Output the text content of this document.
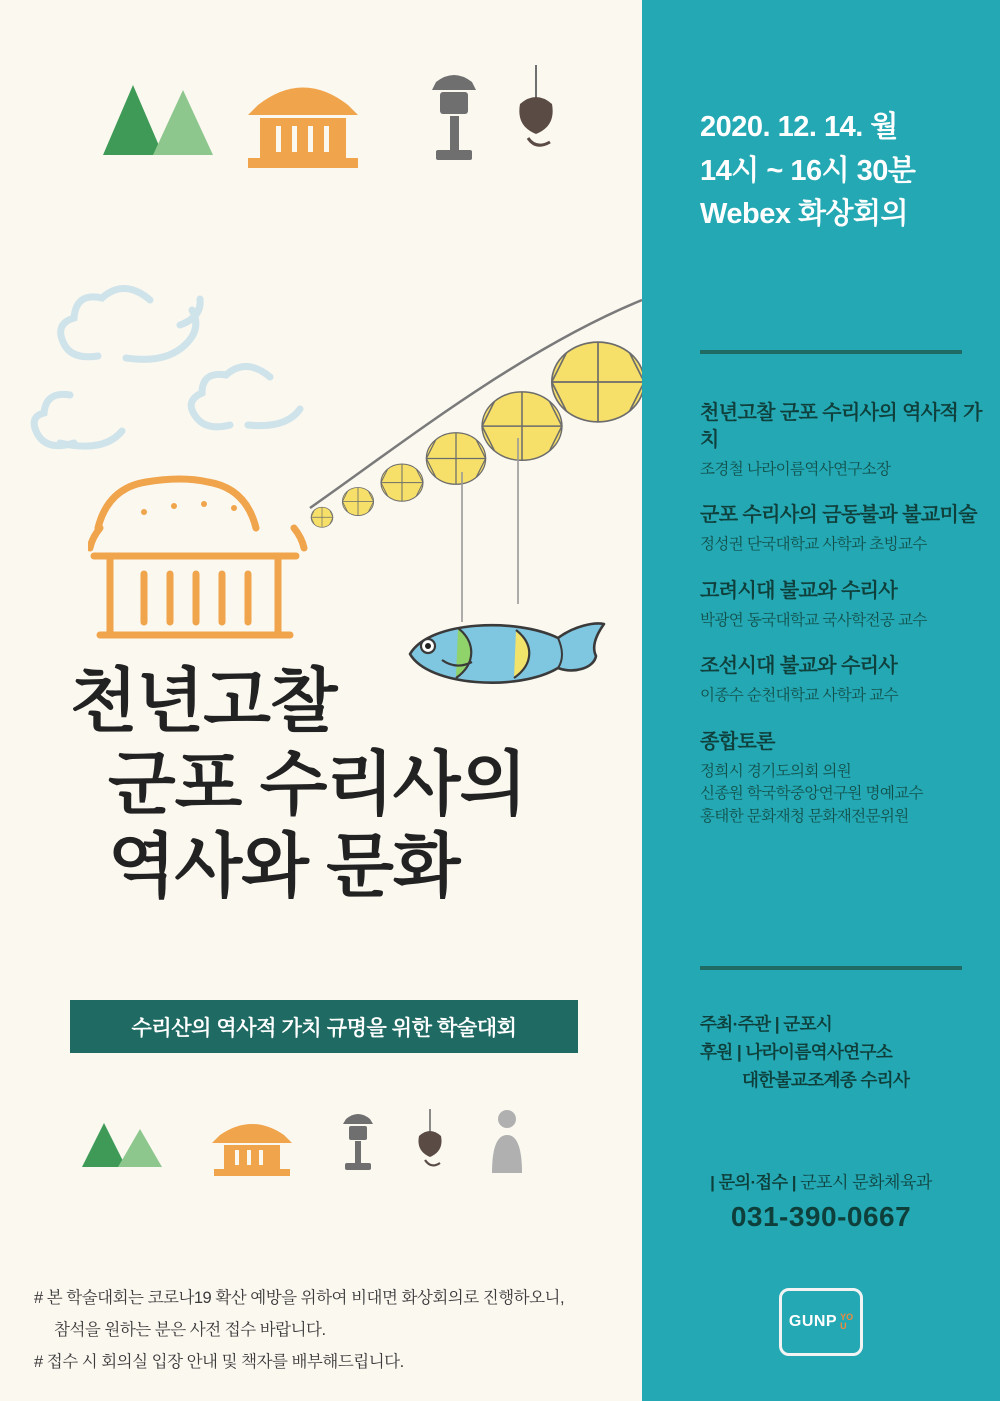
천년고찰
군포 수리사의
역사와 문화
수리산의 역사적 가치 규명을 위한 학술대회
# 본 학술대회는 코로나19 확산 예방을 위하여 비대면 화상회의로 진행하오니,
참석을 원하는 분은 사전 접수 바랍니다.
# 접수 시 회의실 입장 안내 및 책자를 배부해드립니다.
2020. 12. 14. 월
14시 ~ 16시 30분
Webex 화상회의
천년고찰 군포 수리사의 역사적 가치
조경철 나라이름역사연구소장
군포 수리사의 금동불과 불교미술
정성권 단국대학교 사학과 초빙교수
고려시대 불교와 수리사
박광연 동국대학교 국사학전공 교수
조선시대 불교와 수리사
이종수 순천대학교 사학과 교수
종합토론
정희시 경기도의회 의원
신종원 학국학중앙연구원 명예교수
홍태한 문화재청 문화재전문위원
주최·주관 | 군포시
후원 | 나라이름역사연구소
대한불교조계종 수리사
| 문의·접수 | 군포시 문화체육과
031-390-0667
GUNP YO
U
